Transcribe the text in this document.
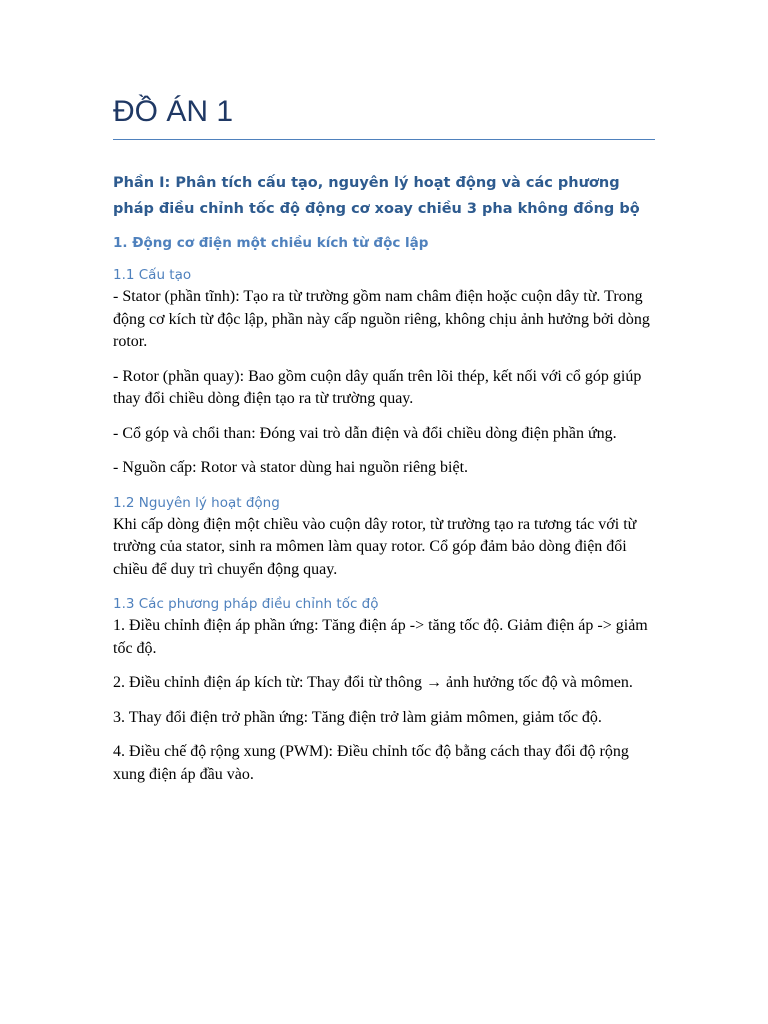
ĐỒ ÁN 1
Phần I: Phân tích cấu tạo, nguyên lý hoạt động và các phương pháp điều chỉnh tốc độ động cơ xoay chiều 3 pha không đồng bộ
1. Động cơ điện một chiều kích từ độc lập
1.1 Cấu tạo

- Stator (phần tĩnh): Tạo ra từ trường gồm nam châm điện hoặc cuộn dây từ. Trong động cơ kích từ độc lập, phần này cấp nguồn riêng, không chịu ảnh hưởng bởi dòng rotor.

- Rotor (phần quay): Bao gồm cuộn dây quấn trên lõi thép, kết nối với cổ góp giúp thay đổi chiều dòng điện tạo ra từ trường quay.

- Cổ góp và chổi than: Đóng vai trò dẫn điện và đổi chiều dòng điện phần ứng.

- Nguồn cấp: Rotor và stator dùng hai nguồn riêng biệt.

1.2 Nguyên lý hoạt động

Khi cấp dòng điện một chiều vào cuộn dây rotor, từ trường tạo ra tương tác với từ trường của stator, sinh ra mômen làm quay rotor. Cổ góp đảm bảo dòng điện đổi chiều để duy trì chuyển động quay.

1.3 Các phương pháp điều chỉnh tốc độ

1. Điều chỉnh điện áp phần ứng: Tăng điện áp -> tăng tốc độ. Giảm điện áp -> giảm tốc độ.

2. Điều chỉnh điện áp kích từ: Thay đổi từ thông → ảnh hưởng tốc độ và mômen.

3. Thay đổi điện trở phần ứng: Tăng điện trở làm giảm mômen, giảm tốc độ.

4. Điều chế độ rộng xung (PWM): Điều chỉnh tốc độ bằng cách thay đổi độ rộng xung điện áp đầu vào.
